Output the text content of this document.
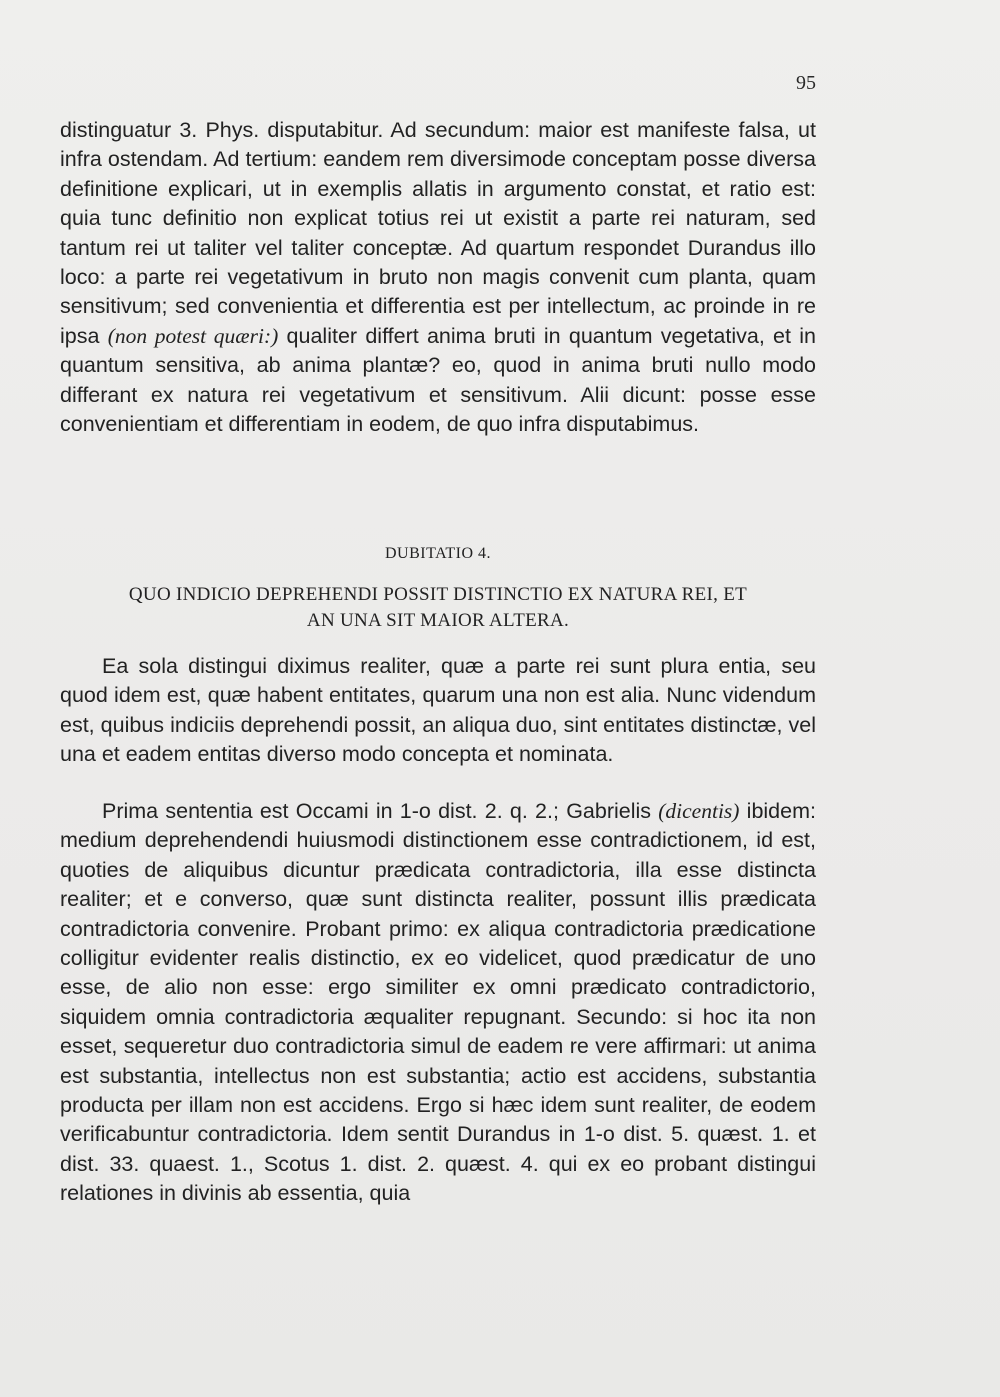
95

distinguatur 3. Phys. disputabitur. Ad secundum: maior est manifeste falsa, ut infra ostendam. Ad tertium: eandem rem diversimode conceptam posse diversa definitione explicari, ut in exemplis allatis in argumento constat, et ratio est: quia tunc definitio non explicat totius rei ut existit a parte rei naturam, sed tantum rei ut taliter vel taliter conceptæ. Ad quartum respondet Durandus illo loco: a parte rei vegetativum in bruto non magis convenit cum planta, quam sensitivum; sed convenientia et differentia est per intellectum, ac proinde in re ipsa (non potest quæri:) qualiter differt anima bruti in quantum vegetativa, et in quantum sensitiva, ab anima plantæ? eo, quod in anima bruti nullo modo differant ex natura rei vegetativum et sensitivum. Alii dicunt: posse esse convenientiam et differentiam in eodem, de quo infra disputabimus.

DUBITATIO 4.
QUO INDICIO DEPREHENDI POSSIT DISTINCTIO EX NATURA REI, ET
AN UNA SIT MAIOR ALTERA.

Ea sola distingui diximus realiter, quæ a parte rei sunt plura entia, seu quod idem est, quæ habent entitates, quarum una non est alia. Nunc videndum est, quibus indiciis deprehendi possit, an aliqua duo, sint entitates distinctæ, vel una et eadem entitas diverso modo concepta et nominata.

Prima sententia est Occami in 1-o dist. 2. q. 2.; Gabrielis (dicentis) ibidem: medium deprehendendi huiusmodi distinctionem esse contradictionem, id est, quoties de aliquibus dicuntur prædicata contradictoria, illa esse distincta realiter; et e converso, quæ sunt distincta realiter, possunt illis prædicata contradictoria convenire. Probant primo: ex aliqua contradictoria prædicatione colligitur evidenter realis distinctio, ex eo videlicet, quod prædicatur de uno esse, de alio non esse: ergo similiter ex omni prædicato contradictorio, siquidem omnia contradictoria æqualiter repugnant. Secundo: si hoc ita non esset, sequeretur duo contradictoria simul de eadem re vere affirmari: ut anima est substantia, intellectus non est substantia; actio est accidens, substantia producta per illam non est accidens. Ergo si hæc idem sunt realiter, de eodem verificabuntur contradictoria. Idem sentit Durandus in 1-o dist. 5. quæst. 1. et dist. 33. quaest. 1., Scotus 1. dist. 2. quæst. 4. qui ex eo probant distingui relationes in divinis ab essentia, quia
